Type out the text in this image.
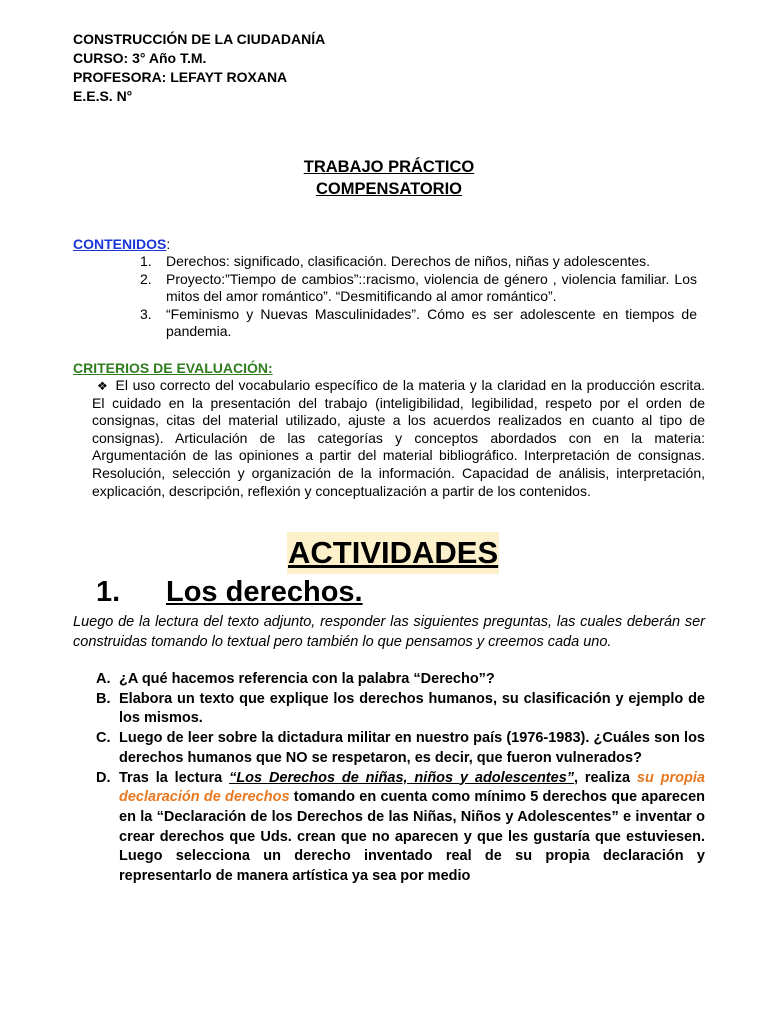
CONSTRUCCIÓN DE LA CIUDADANÍA
CURSO: 3° Año T.M.
PROFESORA: LEFAYT ROXANA
E.E.S. N°
TRABAJO PRÁCTICO
COMPENSATORIO
CONTENIDOS:
1. Derechos: significado, clasificación. Derechos de niños, niñas y adolescentes.
2. Proyecto:”Tiempo de cambios”::racismo, violencia de género , violencia familiar. Los mitos del amor romántico”. “Desmitificando al amor romántico”.
3. “Feminismo y Nuevas Masculinidades”. Cómo es ser adolescente en tiempos de pandemia.
CRITERIOS DE EVALUACIÓN:
❖ El uso correcto del vocabulario específico de la materia y la claridad en la producción escrita. El cuidado en la presentación del trabajo (inteligibilidad, legibilidad, respeto por el orden de consignas, citas del material utilizado, ajuste a los acuerdos realizados en cuanto al tipo de consignas). Articulación de las categorías y conceptos abordados con en la materia: Argumentación de las opiniones a partir del material bibliográfico. Interpretación de consignas. Resolución, selección y organización de la información. Capacidad de análisis, interpretación, explicación, descripción, reflexión y conceptualización a partir de los contenidos.
ACTIVIDADES
1. Los derechos.
Luego de la lectura del texto adjunto, responder las siguientes preguntas, las cuales deberán ser construidas tomando lo textual pero también lo que pensamos y creemos cada uno.
A. ¿A qué hacemos referencia con la palabra “Derecho”?
B. Elabora un texto que explique los derechos humanos, su clasificación y ejemplo de los mismos.
C. Luego de leer sobre la dictadura militar en nuestro país (1976-1983). ¿Cuáles son los derechos humanos que NO se respetaron, es decir, que fueron vulnerados?
D. Tras la lectura “Los Derechos de niñas, niños y adolescentes”, realiza su propia declaración de derechos tomando en cuenta como mínimo 5 derechos que aparecen en la “Declaración de los Derechos de las Niñas, Niños y Adolescentes” e inventar o crear derechos que Uds. crean que no aparecen y que les gustaría que estuviesen. Luego selecciona un derecho inventado real de su propia declaración y representarlo de manera artística ya sea por medio
